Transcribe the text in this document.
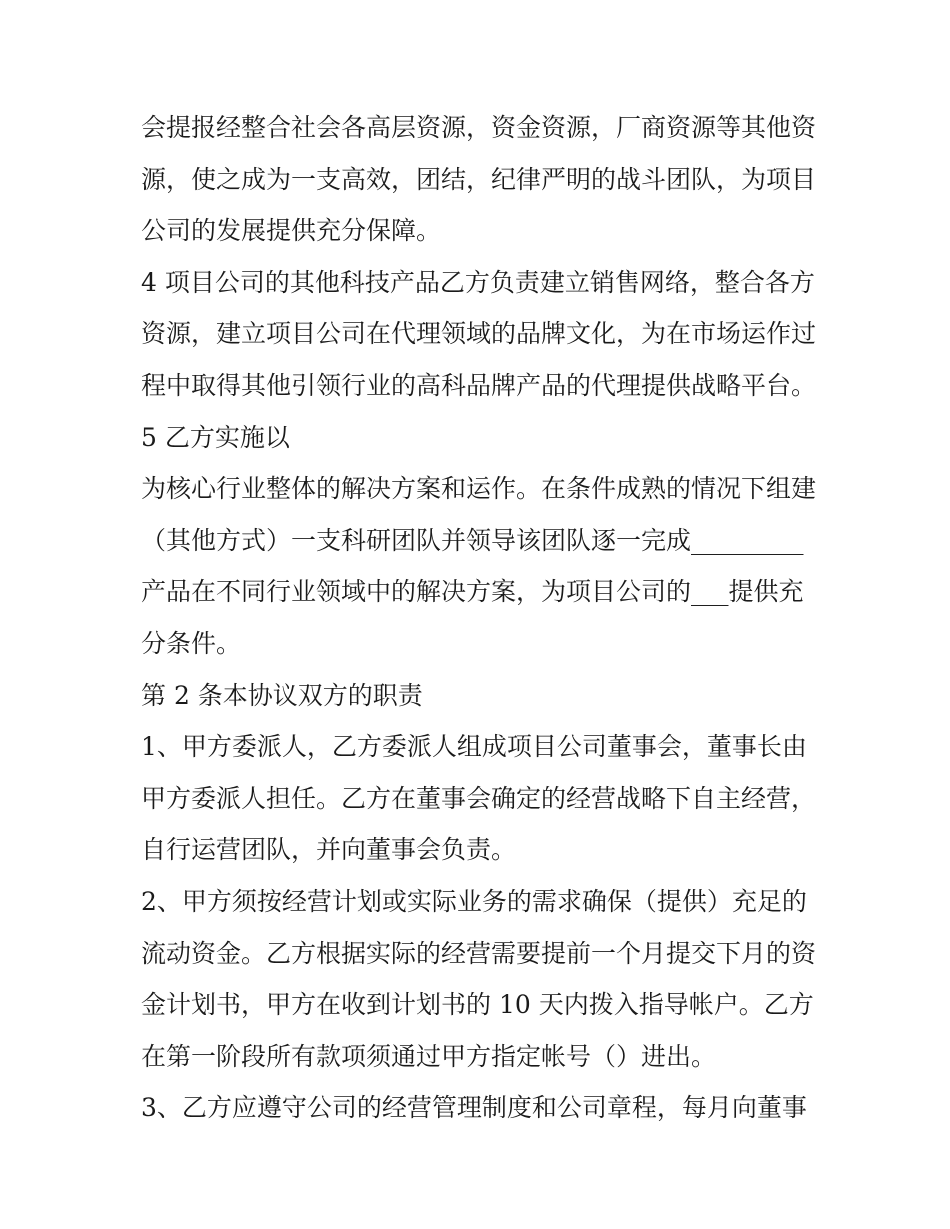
会提报经整合社会各高层资源，资金资源，厂商资源等其他资
源，使之成为一支高效，团结，纪律严明的战斗团队，为项目
公司的发展提供充分保障。
4 项目公司的其他科技产品乙方负责建立销售网络，整合各方
资源，建立项目公司在代理领域的品牌文化，为在市场运作过
程中取得其他引领行业的高科品牌产品的代理提供战略平台。
5 乙方实施以
为核心行业整体的解决方案和运作。在条件成熟的情况下组建
（其他方式）一支科研团队并领导该团队逐一完成_________
产品在不同行业领域中的解决方案，为项目公司的___提供充
分条件。
第 2 条本协议双方的职责
1、甲方委派人，乙方委派人组成项目公司董事会，董事长由
甲方委派人担任。乙方在董事会确定的经营战略下自主经营，
自行运营团队，并向董事会负责。
2、甲方须按经营计划或实际业务的需求确保（提供）充足的
流动资金。乙方根据实际的经营需要提前一个月提交下月的资
金计划书，甲方在收到计划书的 10 天内拨入指导帐户。乙方
在第一阶段所有款项须通过甲方指定帐号（）进出。
3、乙方应遵守公司的经营管理制度和公司章程，每月向董事
